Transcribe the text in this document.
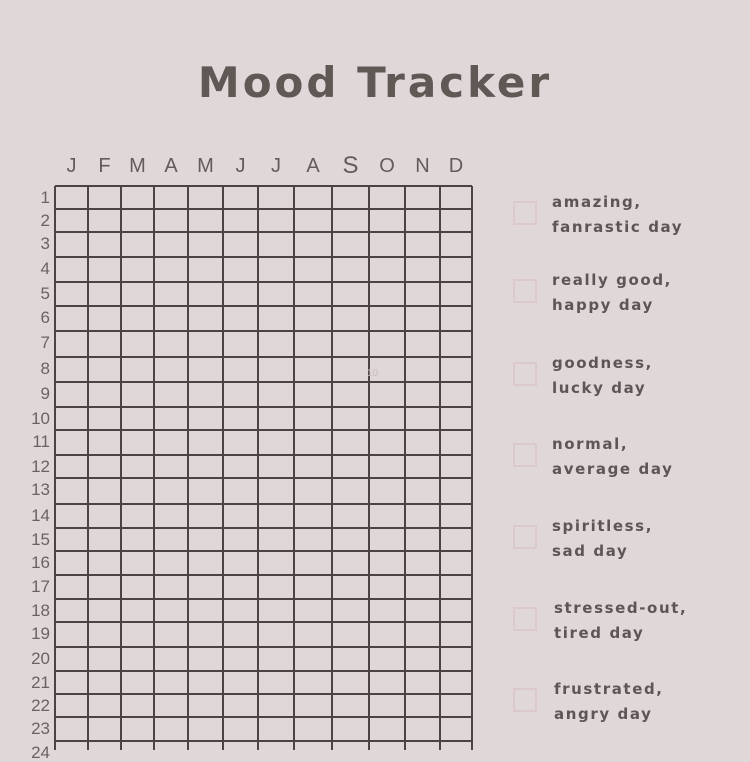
Mood Tracker
J F M A M J J A S O N D
1
2
3
4
5
6
7
8
9
10
11
12
13
14
15
16
17
18
19
20
21
22
23
24
10
amazing,
fanrastic day
really good,
happy day
goodness,
lucky day
normal,
average day
spiritless,
sad day
stressed-out,
tired day
frustrated,
angry day
